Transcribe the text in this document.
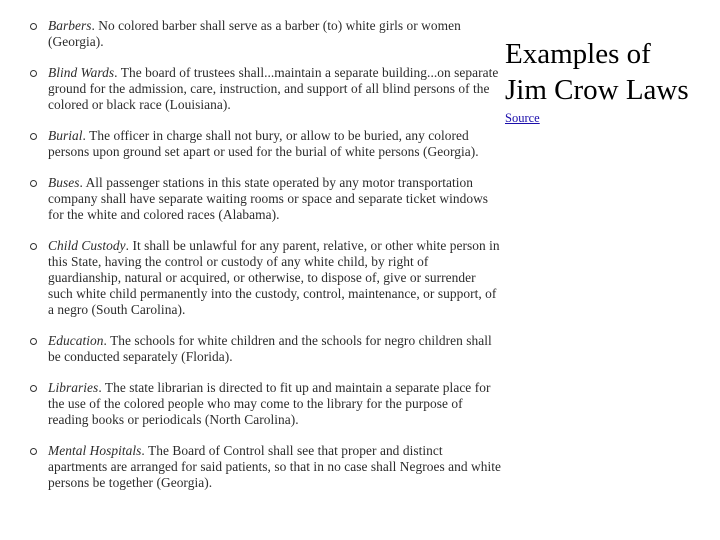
Barbers. No colored barber shall serve as a barber (to) white girls or women (Georgia).
Blind Wards. The board of trustees shall...maintain a separate building...on separate ground for the admission, care, instruction, and support of all blind persons of the colored or black race (Louisiana).
Burial. The officer in charge shall not bury, or allow to be buried, any colored persons upon ground set apart or used for the burial of white persons (Georgia).
Buses. All passenger stations in this state operated by any motor transportation company shall have separate waiting rooms or space and separate ticket windows for the white and colored races (Alabama).
Child Custody. It shall be unlawful for any parent, relative, or other white person in this State, having the control or custody of any white child, by right of guardianship, natural or acquired, or otherwise, to dispose of, give or surrender such white child permanently into the custody, control, maintenance, or support, of a negro (South Carolina).
Education. The schools for white children and the schools for negro children shall be conducted separately (Florida).
Libraries. The state librarian is directed to fit up and maintain a separate place for the use of the colored people who may come to the library for the purpose of reading books or periodicals (North Carolina).
Mental Hospitals. The Board of Control shall see that proper and distinct apartments are arranged for said patients, so that in no case shall Negroes and white persons be together (Georgia).
Examples of
Jim Crow Laws
Source
